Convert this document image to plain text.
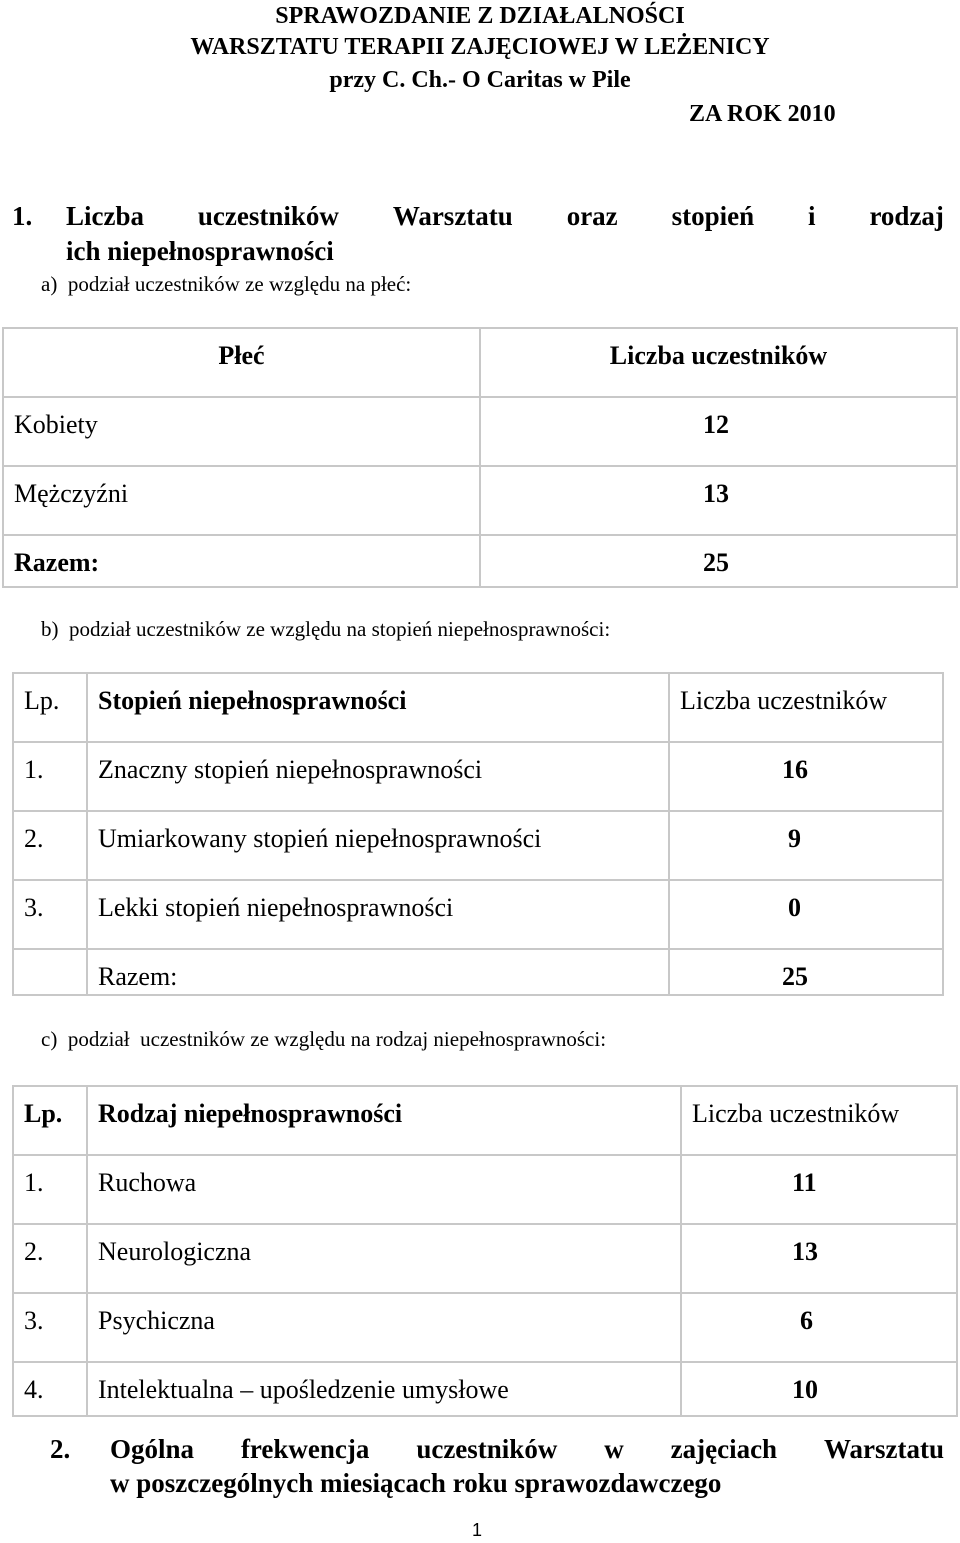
SPRAWOZDANIE Z DZIAŁALNOŚCI
WARSZTATU TERAPII ZAJĘCIOWEJ W LEŻENICY
przy C. Ch.- O Caritas w Pile
ZA ROK 2010
1. Liczba uczestników Warsztatu oraz stopień i rodzaj
ich niepełnosprawności
a)  podział uczestników ze względu na płeć:
Płeć	Liczba uczestników

Kobiety	12

Mężczyźni	13

Razem:	25
b)  podział uczestników ze względu na stopień niepełnosprawności:
Lp.	Stopień niepełnosprawności	Liczba uczestników

1.	Znaczny stopień niepełnosprawności	16

2.	Umiarkowany stopień niepełnosprawności	9

3.	Lekki stopień niepełnosprawności	0

	Razem:	25
c)  podział  uczestników ze względu na rodzaj niepełnosprawności:
Lp.	Rodzaj niepełnosprawności	Liczba uczestników

1.	Ruchowa	11

2.	Neurologiczna	13

3.	Psychiczna	6

4.	Intelektualna – upośledzenie umysłowe	10
2. Ogólna frekwencja uczestników w zajęciach Warsztatu
w poszczególnych miesiącach roku sprawozdawczego
1
